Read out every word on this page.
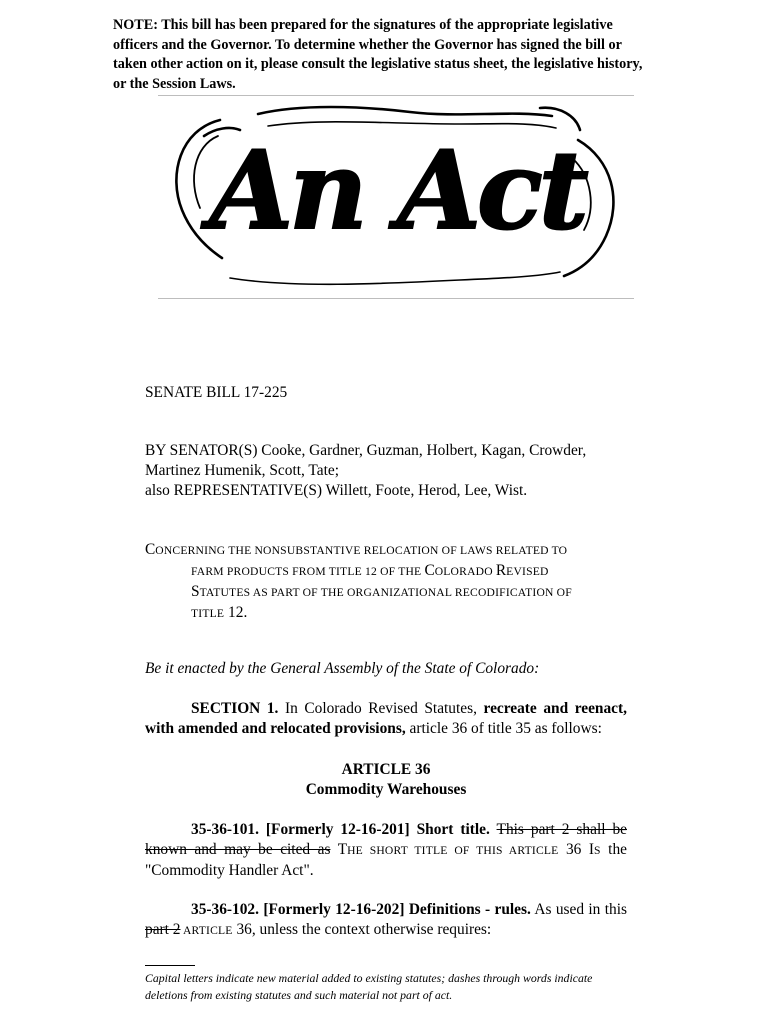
NOTE: This bill has been prepared for the signatures of the appropriate legislative officers and the Governor. To determine whether the Governor has signed the bill or taken other action on it, please consult the legislative status sheet, the legislative history, or the Session Laws.
An Act
SENATE BILL 17-225
BY SENATOR(S) Cooke, Gardner, Guzman, Holbert, Kagan, Crowder, Martinez Humenik, Scott, Tate;
also REPRESENTATIVE(S) Willett, Foote, Herod, Lee, Wist.
CONCERNING THE NONSUBSTANTIVE RELOCATION OF LAWS RELATED TO
FARM PRODUCTS FROM TITLE 12 OF THE COLORADO REVISED
STATUTES AS PART OF THE ORGANIZATIONAL RECODIFICATION OF
TITLE 12.
Be it enacted by the General Assembly of the State of Colorado:
SECTION 1. In Colorado Revised Statutes, recreate and reenact, with amended and relocated provisions, article 36 of title 35 as follows:
ARTICLE 36
Commodity Warehouses
35-36-101. [Formerly 12-16-201] Short title. This part 2 shall be known and may be cited as THE SHORT TITLE OF THIS ARTICLE 36 IS the "Commodity Handler Act".
35-36-102. [Formerly 12-16-202] Definitions - rules. As used in this part 2 ARTICLE 36, unless the context otherwise requires:
Capital letters indicate new material added to existing statutes; dashes through words indicate deletions from existing statutes and such material not part of act.
